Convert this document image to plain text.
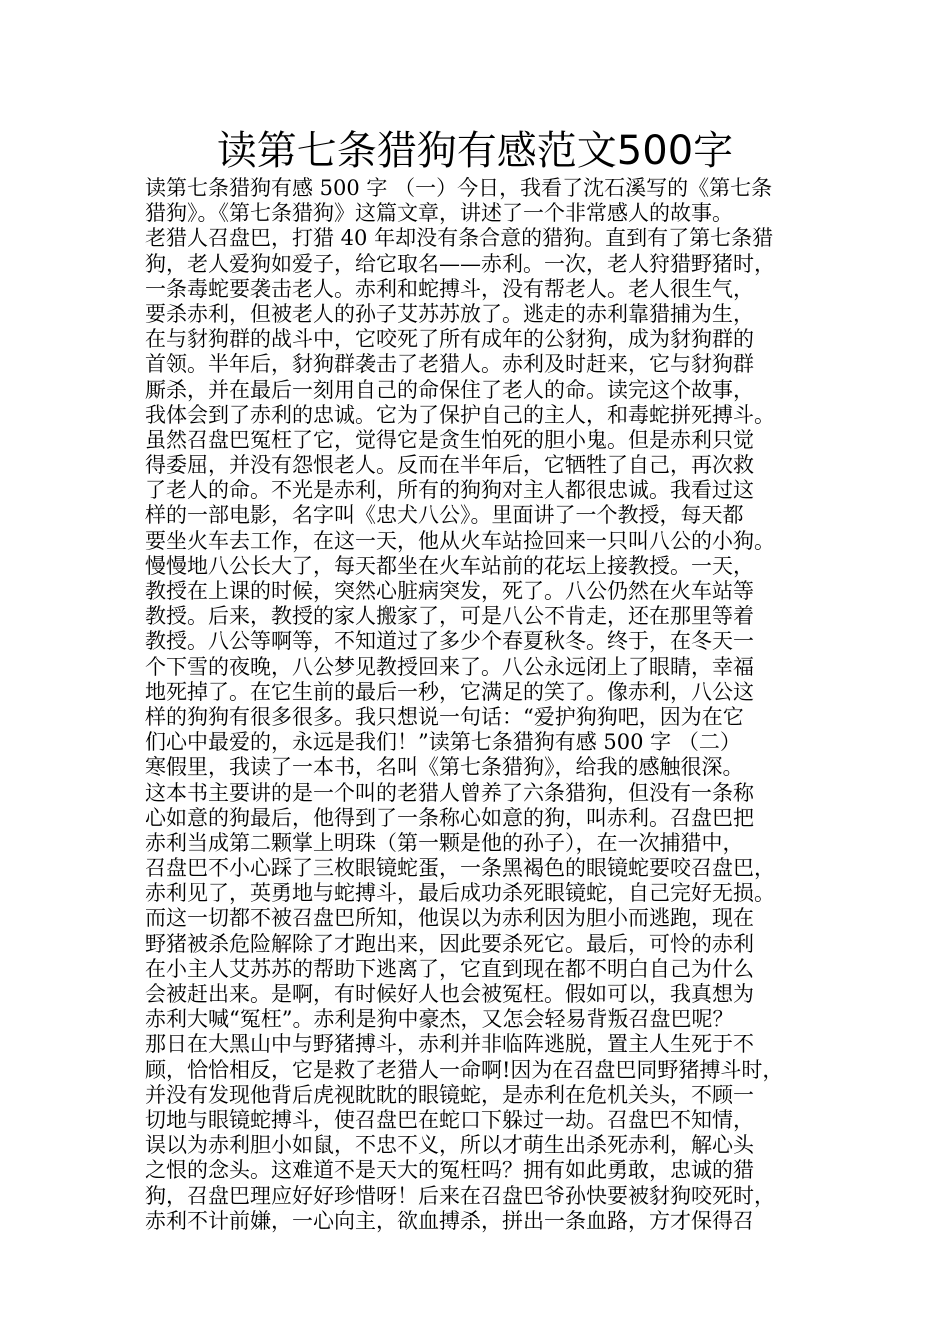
读第七条猎狗有感范文500字
读第七条猎狗有感 500 字 （一）今日，我看了沈石溪写的《第七条
猎狗》。《第七条猎狗》这篇文章，讲述了一个非常感人的故事。
老猎人召盘巴，打猎 40 年却没有条合意的猎狗。直到有了第七条猎
狗，老人爱狗如爱子，给它取名——赤利。一次，老人狩猎野猪时，
一条毒蛇要袭击老人。赤利和蛇搏斗，没有帮老人。老人很生气，
要杀赤利，但被老人的孙子艾苏苏放了。逃走的赤利靠猎捕为生，
在与豺狗群的战斗中，它咬死了所有成年的公豺狗，成为豺狗群的
首领。半年后，豺狗群袭击了老猎人。赤利及时赶来，它与豺狗群
厮杀，并在最后一刻用自己的命保住了老人的命。读完这个故事，
我体会到了赤利的忠诚。它为了保护自己的主人，和毒蛇拼死搏斗。
虽然召盘巴冤枉了它，觉得它是贪生怕死的胆小鬼。但是赤利只觉
得委屈，并没有怨恨老人。反而在半年后，它牺牲了自己，再次救
了老人的命。不光是赤利，所有的狗狗对主人都很忠诚。我看过这
样的一部电影，名字叫《忠犬八公》。里面讲了一个教授，每天都
要坐火车去工作，在这一天，他从火车站捡回来一只叫八公的小狗。
慢慢地八公长大了，每天都坐在火车站前的花坛上接教授。一天，
教授在上课的时候，突然心脏病突发，死了。八公仍然在火车站等
教授。后来，教授的家人搬家了，可是八公不肯走，还在那里等着
教授。八公等啊等，不知道过了多少个春夏秋冬。终于，在冬天一
个下雪的夜晚，八公梦见教授回来了。八公永远闭上了眼睛，幸福
地死掉了。在它生前的最后一秒，它满足的笑了。像赤利，八公这
样的狗狗有很多很多。我只想说一句话：“爱护狗狗吧，因为在它
们心中最爱的，永远是我们！”读第七条猎狗有感 500 字 （二）
寒假里，我读了一本书，名叫《第七条猎狗》，给我的感触很深。
这本书主要讲的是一个叫的老猎人曾养了六条猎狗，但没有一条称
心如意的狗最后，他得到了一条称心如意的狗，叫赤利。召盘巴把
赤利当成第二颗掌上明珠（第一颗是他的孙子），在一次捕猎中，
召盘巴不小心踩了三枚眼镜蛇蛋，一条黑褐色的眼镜蛇要咬召盘巴，
赤利见了，英勇地与蛇搏斗，最后成功杀死眼镜蛇，自己完好无损。
而这一切都不被召盘巴所知，他误以为赤利因为胆小而逃跑，现在
野猪被杀危险解除了才跑出来，因此要杀死它。最后，可怜的赤利
在小主人艾苏苏的帮助下逃离了，它直到现在都不明白自己为什么
会被赶出来。是啊，有时候好人也会被冤枉。假如可以，我真想为
赤利大喊“冤枉”。赤利是狗中豪杰，又怎会轻易背叛召盘巴呢？
那日在大黑山中与野猪搏斗，赤利并非临阵逃脱，置主人生死于不
顾，恰恰相反，它是救了老猎人一命啊!因为在召盘巴同野猪搏斗时，
并没有发现他背后虎视眈眈的眼镜蛇，是赤利在危机关头，不顾一
切地与眼镜蛇搏斗，使召盘巴在蛇口下躲过一劫。召盘巴不知情，
误以为赤利胆小如鼠，不忠不义，所以才萌生出杀死赤利，解心头
之恨的念头。这难道不是天大的冤枉吗？拥有如此勇敢，忠诚的猎
狗，召盘巴理应好好珍惜呀！后来在召盘巴爷孙快要被豺狗咬死时，
赤利不计前嫌，一心向主，欲血搏杀，拼出一条血路，方才保得召
